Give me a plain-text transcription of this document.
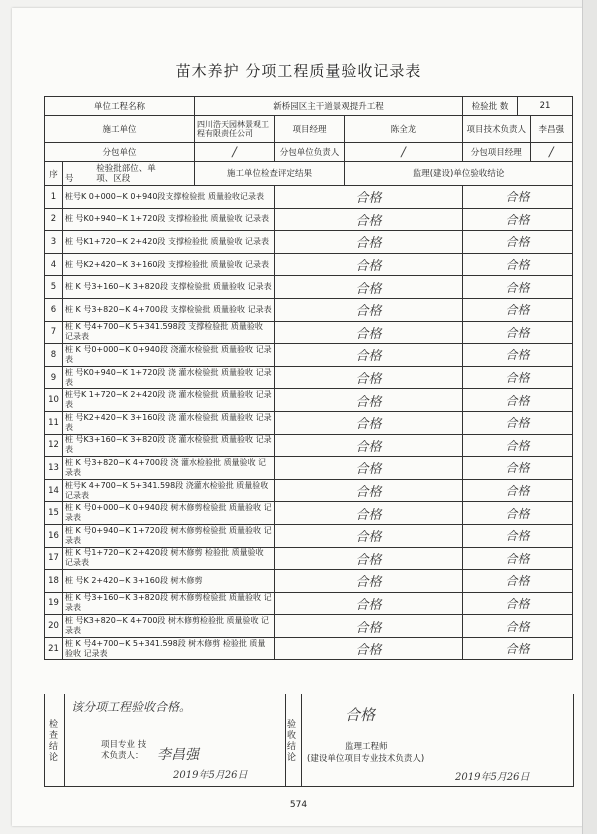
苗木养护 分项工程质量验收记录表
单位工程名称		新桥园区主干道景观提升工程			检验批 数 21

施工单位		四川浩天园林景观工程有限责任公司	项目经理	陈全龙	项目技术负责人 李昌强

分包单位		/	分包单位负责人	/	分包项目经理 /

序	号 检验批部位、单项、区段	施工单位检查评定结果		监理(建设)单位验收结论	
1	桩号K 0+000~K 0+940段支撑检验批 质量验收记录表		合格		合格
2	桩 号K0+940~K 1+720段 支撑检验批 质量验收 记录表		合格		合格
3	桩 号K1+720~K 2+420段 支撑检验批 质量验收 记录表		合格		合格
4	桩 号K2+420~K 3+160段 支撑检验批 质量验收 记录表		合格		合格
5	桩 K 号3+160~K 3+820段 支撑检验批 质量验收 记录表		合格		合格
6	桩 K 号3+820~K 4+700段 支撑检验批 质量验收 记录表		合格		合格
7	桩 K 号4+700~K 5+341.598段 支撑检验批 质量验收 记录表		合格		合格
8	桩 K 号0+000~K 0+940段 浇灌水检验批 质量验收 记录表		合格		合格
9	桩 号K0+940~K 1+720段 浇 灌水检验批 质量验收 记录表		合格		合格
10	桩号K 1+720~K 2+420段 浇 灌水检验批 质量验收 记录表		合格		合格
11	桩 号K2+420~K 3+160段 浇 灌水检验批 质量验收 记录表		合格		合格
12	桩 号K3+160~K 3+820段 浇 灌水检验批 质量验收 记录表		合格		合格
13	桩 K 号3+820~K 4+700段 浇 灌水检验批 质量验收 记录表		合格		合格
14	桩号K 4+700~K 5+341.598段 浇灌水检验批 质量验收 记录表		合格		合格
15	桩 K 号0+000~K 0+940段 树木修剪检验批 质量验收 记录表		合格		合格
16	桩 K 号0+940~K 1+720段 树木修剪检验批 质量验收 记录表		合格		合格
17	桩 K 号1+720~K 2+420段 树木修剪 检验批 质量验收 记录表		合格		合格
18	桩 号K 2+420~K 3+160段 树木修剪		合格		合格
19	桩 K 号3+160~K 3+820段 树木修剪检验批 质量验收 记录表		合格		合格
20	桩 号K3+820~K 4+700段 树木修剪检验批 质量验收 记录表		合格		合格
21	桩 K 号4+700~K 5+341.598段 树木修剪 检验批 质量验收 记录表		合格		合格
检查结论
该分项工程验收合格。
项目专业 技术负责人： 李昌强
2019年5月26日
验收结论
合格
监理工程师
(建设单位项目专业技术负责人)
2019年5月26日
574
